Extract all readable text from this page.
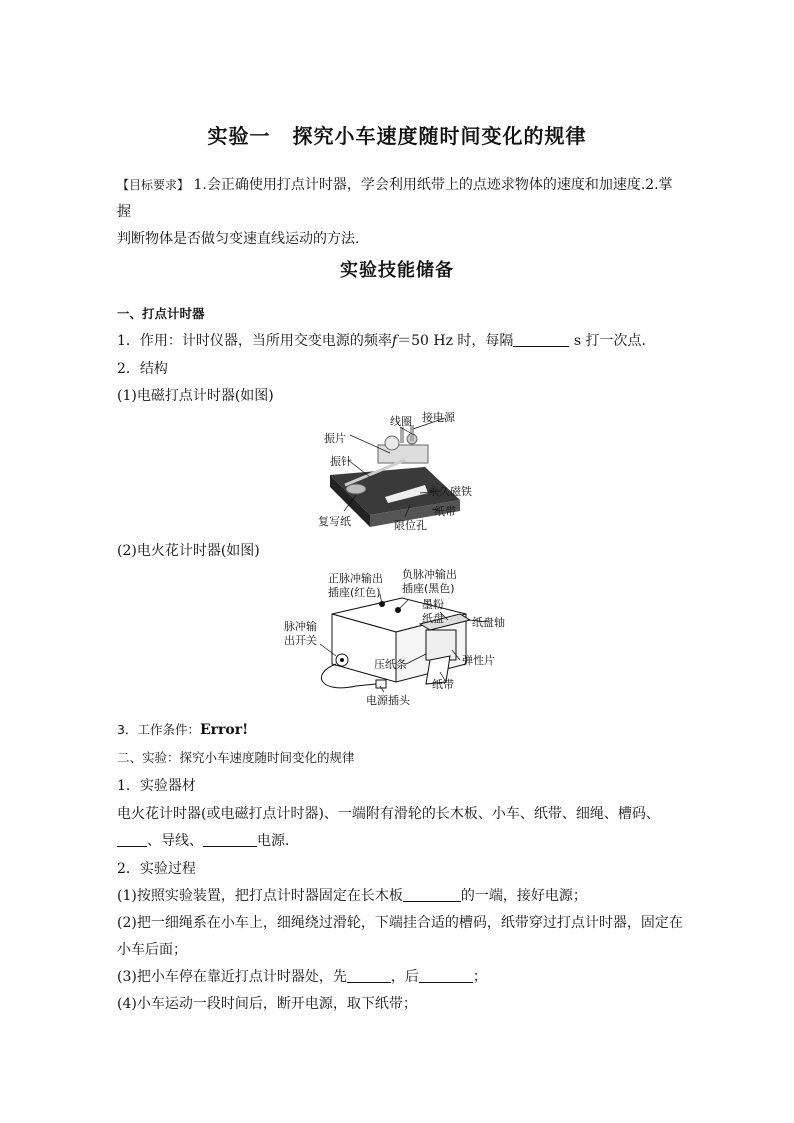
实验一 探究小车速度随时间变化的规律
【目标要求】 1.会正确使用打点计时器，学会利用纸带上的点迹求物体的速度和加速度.2.掌握
判断物体是否做匀变速直线运动的方法.
实验技能储备
一、打点计时器
1．作用：计时仪器，当所用交变电源的频率f＝50 Hz 时，每隔	s 打一次点．
2．结构
(1)电磁打点计时器(如图)
线圈 接电源
振片
振针
永久磁铁
纸带
复写纸	限位孔
(2)电火花计时器(如图)
正脉冲输出
插座(红色)
负脉冲输出
插座(黑色)
墨粉
纸盘	纸盘轴
脉冲输
出开关
压纸条	弹性片
纸带
电源插头
3．工作条件：Error!
二、实验：探究小车速度随时间变化的规律
1．实验器材
电火花计时器(或电磁打点计时器)、一端附有滑轮的长木板、小车、纸带、细绳、槽码、
、导线、	电源．
2．实验过程
(1)按照实验装置，把打点计时器固定在长木板	的一端，接好电源；
(2)把一细绳系在小车上，细绳绕过滑轮，下端挂合适的槽码，纸带穿过打点计时器，固定在
小车后面；
(3)把小车停在靠近打点计时器处，先	，后	；
(4)小车运动一段时间后，断开电源，取下纸带；
